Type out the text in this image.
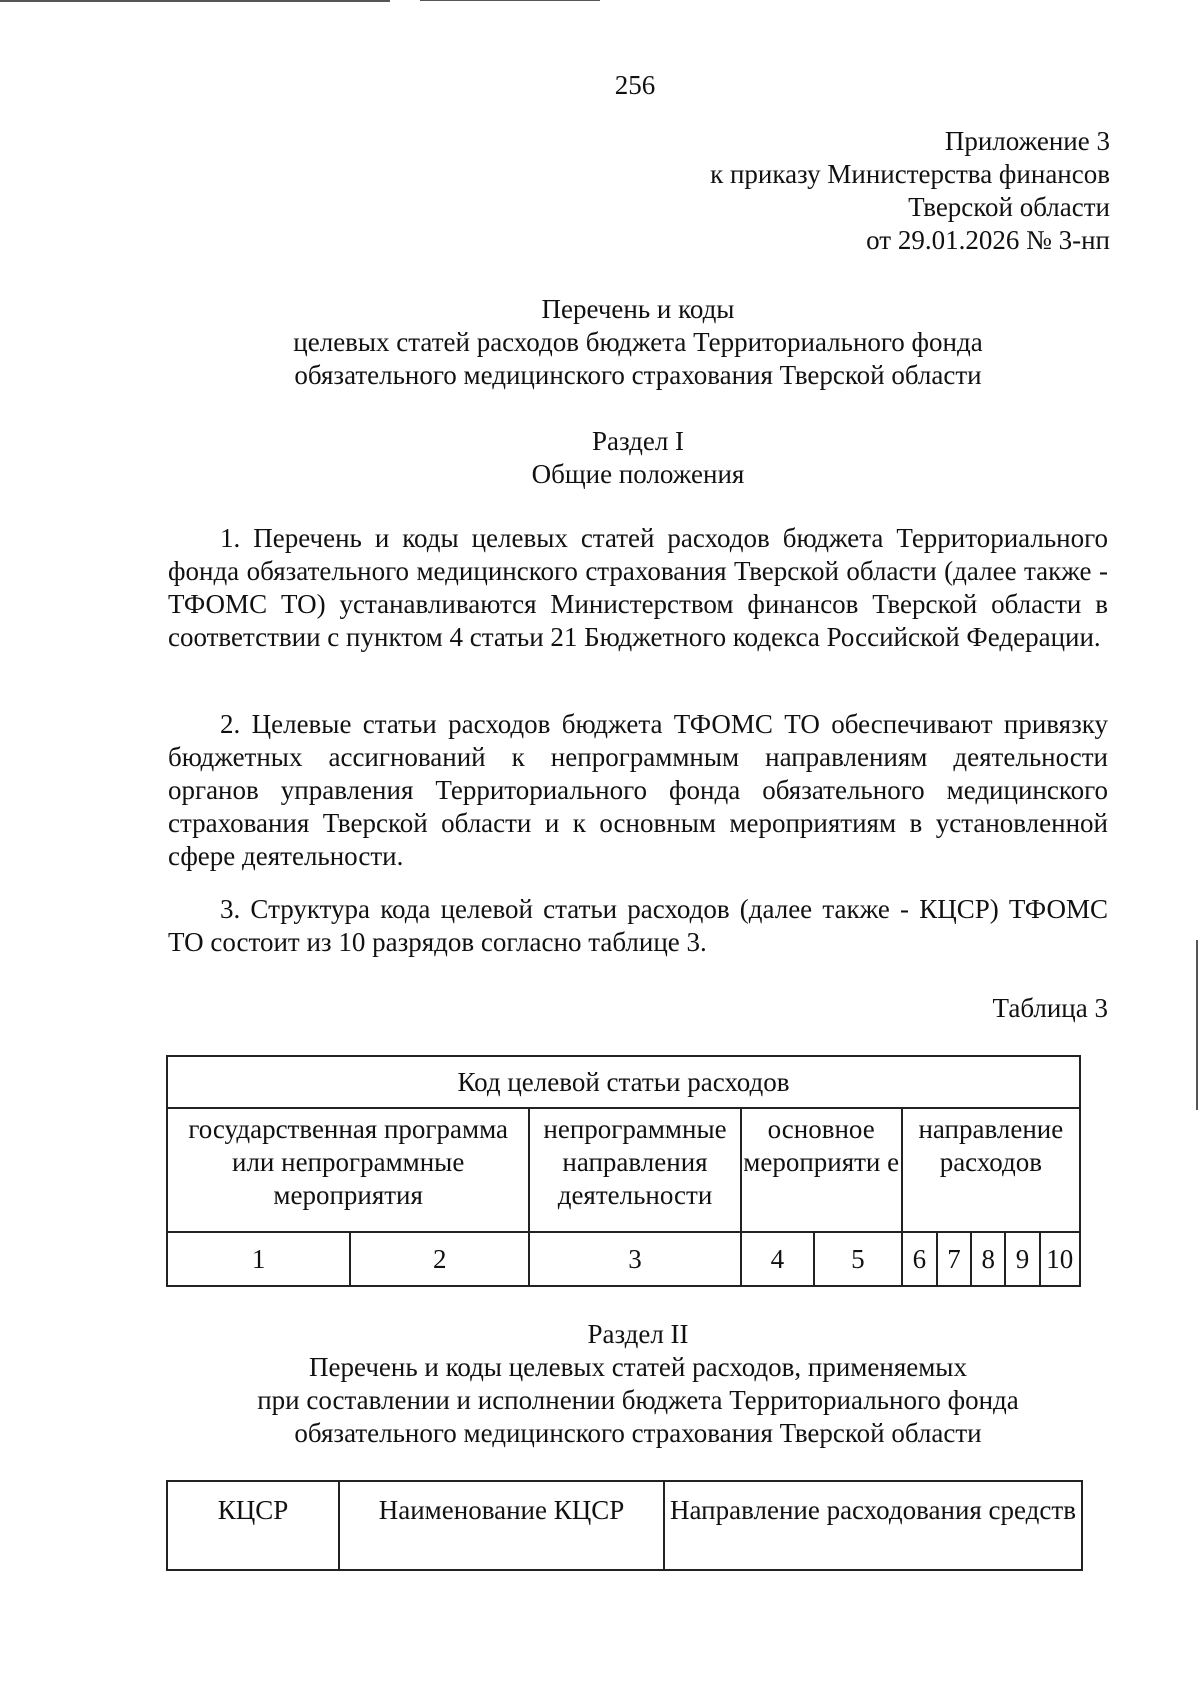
256
Приложение 3
к приказу Министерства финансов
Тверской области
от 29.01.2026 № 3-нп
Перечень и коды
целевых статей расходов бюджета Территориального фонда
обязательного медицинского страхования Тверской области
Раздел I
Общие положения

1. Перечень и коды целевых статей расходов бюджета Территориального фонда обязательного медицинского страхования Тверской области (далее также - ТФОМС ТО) устанавливаются Министерством финансов Тверской области в соответствии с пунктом 4 статьи 21 Бюджетного кодекса Российской Федерации.

2. Целевые статьи расходов бюджета ТФОМС ТО обеспечивают привязку бюджетных ассигнований к непрограммным направлениям деятельности органов управления Территориального фонда обязательного медицинского страхования Тверской области и к основным мероприятиям в установленной сфере деятельности.

3. Структура кода целевой статьи расходов (далее также - КЦСР) ТФОМС ТО состоит из 10 разрядов согласно таблице 3.

Таблица 3
Код целевой статьи расходов									
государственная программа или непрограммные мероприятия		непрограммные направления деятельности	основное мероприяти е		направление расходов				
1	2	3	4	5	6	7	8	9	10
Раздел II
Перечень и коды целевых статей расходов, применяемых
при составлении и исполнении бюджета Территориального фонда
обязательного медицинского страхования Тверской области
КЦСР	Наименование КЦСР	Направление расходования средств
